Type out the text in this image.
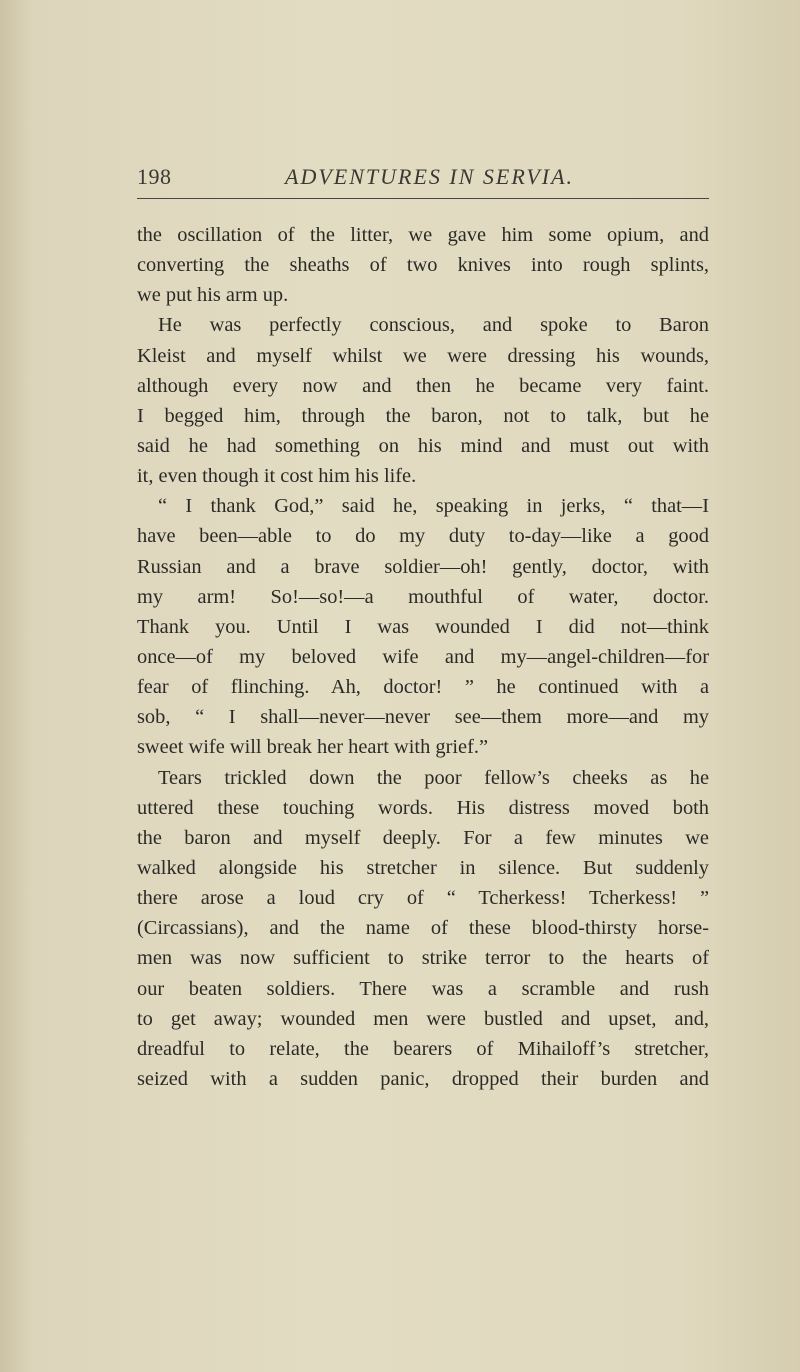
198	ADVENTURES IN SERVIA.
the oscillation of the litter, we gave him some opium, and
converting the sheaths of two knives into rough splints,
we put his arm up.
He was perfectly conscious, and spoke to Baron
Kleist and myself whilst we were dressing his wounds,
although every now and then he became very faint.
I begged him, through the baron, not to talk, but he
said he had something on his mind and must out with
it, even though it cost him his life.
“ I thank God,” said he, speaking in jerks, “ that—I
have been—able to do my duty to-day—like a good
Russian and a brave soldier—oh! gently, doctor, with
my arm! So!—so!—a mouthful of water, doctor.
Thank you. Until I was wounded I did not—think
once—of my beloved wife and my—angel-children—for
fear of flinching. Ah, doctor! ” he continued with a
sob, “ I shall—never—never see—them more—and my
sweet wife will break her heart with grief.”
Tears trickled down the poor fellow’s cheeks as he
uttered these touching words. His distress moved both
the baron and myself deeply. For a few minutes we
walked alongside his stretcher in silence. But suddenly
there arose a loud cry of “ Tcherkess! Tcherkess! ”
(Circassians), and the name of these blood-thirsty horse-
men was now sufficient to strike terror to the hearts of
our beaten soldiers. There was a scramble and rush
to get away; wounded men were bustled and upset, and,
dreadful to relate, the bearers of Mihailoff’s stretcher,
seized with a sudden panic, dropped their burden and
